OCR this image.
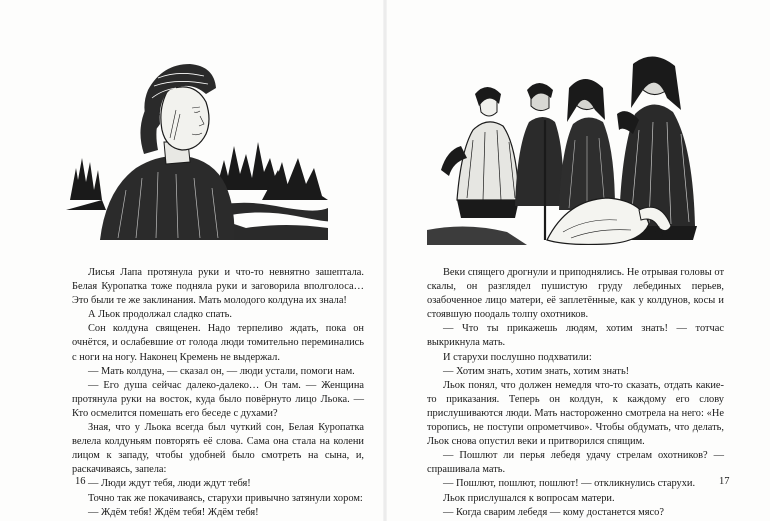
Лисья Лапа протянула руки и что-то невнятно зашептала. Белая Куропатка тоже подняла руки и заговорила вполголоса… Это были те же заклинания. Мать молодого колдуна их знала!

А Льок продолжал сладко спать.

Сон колдуна священен. Надо терпеливо ждать, пока он очнётся, и ослабевшие от голода люди томительно переминались с ноги на ногу. Наконец Кремень не выдержал.

— Мать колдуна, — сказал он, — люди устали, помоги нам.

— Его душа сейчас далеко-далеко… Он там. — Женщина протянула руки на восток, куда было повёрнуто лицо Льока. — Кто осмелится помешать его беседе с духами?

Зная, что у Льока всегда был чуткий сон, Белая Куропатка велела колдуньям повторять её слова. Сама она стала на колени лицом к западу, чтобы удобней было смотреть на сына, и, раскачиваясь, запела:

— Люди ждут тебя, люди ждут тебя!

Точно так же покачиваясь, старухи привычно затянули хором:

— Ждём тебя! Ждём тебя! Ждём тебя!

16

Веки спящего дрогнули и приподнялись. Не отрывая головы от скалы, он разглядел пушистую груду лебединых перьев, озабоченное лицо матери, её заплетённые, как у колдунов, косы и стоявшую поодаль толпу охотников.

— Что ты прикажешь людям, хотим знать! — тотчас выкрикнула мать.

И старухи послушно подхватили:

— Хотим знать, хотим знать, хотим знать!

Льок понял, что должен немедля что-то сказать, отдать какие-то приказания. Теперь он колдун, к каждому его слову прислушиваются люди. Мать настороженно смотрела на него: «Не торопись, не поступи опрометчиво». Чтобы обдумать, что делать, Льок снова опустил веки и притворился спящим.

— Пошлют ли перья лебедя удачу стрелам охотников? — спрашивала мать.

— Пошлют, пошлют, пошлют! — откликнулись старухи.

Льок прислушался к вопросам матери.

— Когда сварим лебедя — кому достанется мясо?

17
